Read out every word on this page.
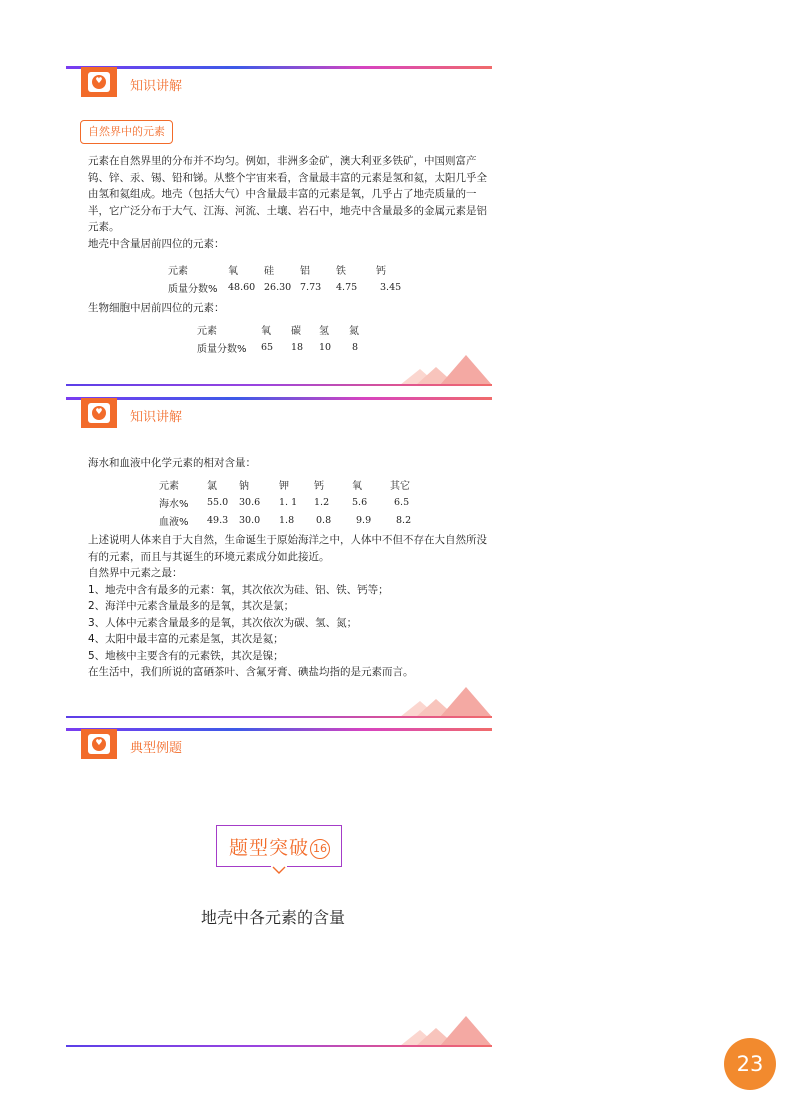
♥ 知识讲解
自然界中的元素
元素在自然界里的分布并不均匀。例如，非洲多金矿，澳大利亚多铁矿，中国则富产
钨、锌、汞、锡、铅和锑。从整个宇宙来看，含量最丰富的元素是氢和氦，太阳几乎全
由氢和氦组成。地壳（包括大气）中含量最丰富的元素是氧，几乎占了地壳质量的一
半，它广泛分布于大气、江海、河流、土壤、岩石中，地壳中含量最多的金属元素是铝
元素。
地壳中含量居前四位的元素：
元素	氧	硅	铝	铁	钙
质量分数%	48.60	26.30	7.73	4.75	3.45
生物细胞中居前四位的元素：
元素	氧	碳	氢	氮
质量分数%	65	18	10	8
♥ 知识讲解
海水和血液中化学元素的相对含量：
元素	氯	钠	钾	钙	氧	其它
海水%	55.0	30.6	1. 1	1.2	5.6	6.5
血液%	49.3	30.0	1.8	0.8	9.9	8.2
上述说明人体来自于大自然，生命诞生于原始海洋之中，人体中不但不存在大自然所没
有的元素，而且与其诞生的环境元素成分如此接近。
自然界中元素之最：
1、地壳中含有最多的元素：氧，其次依次为硅、铝、铁、钙等；
2、海洋中元素含量最多的是氧，其次是氯；
3、人体中元素含量最多的是氧，其次依次为碳、氢、氮；
4、太阳中最丰富的元素是氢，其次是氦；
5、地核中主要含有的元素铁，其次是镍；
在生活中，我们所说的富硒茶叶、含氟牙膏、碘盐均指的是元素而言。
♥ 典型例题
题型突破 16
地壳中各元素的含量
23
